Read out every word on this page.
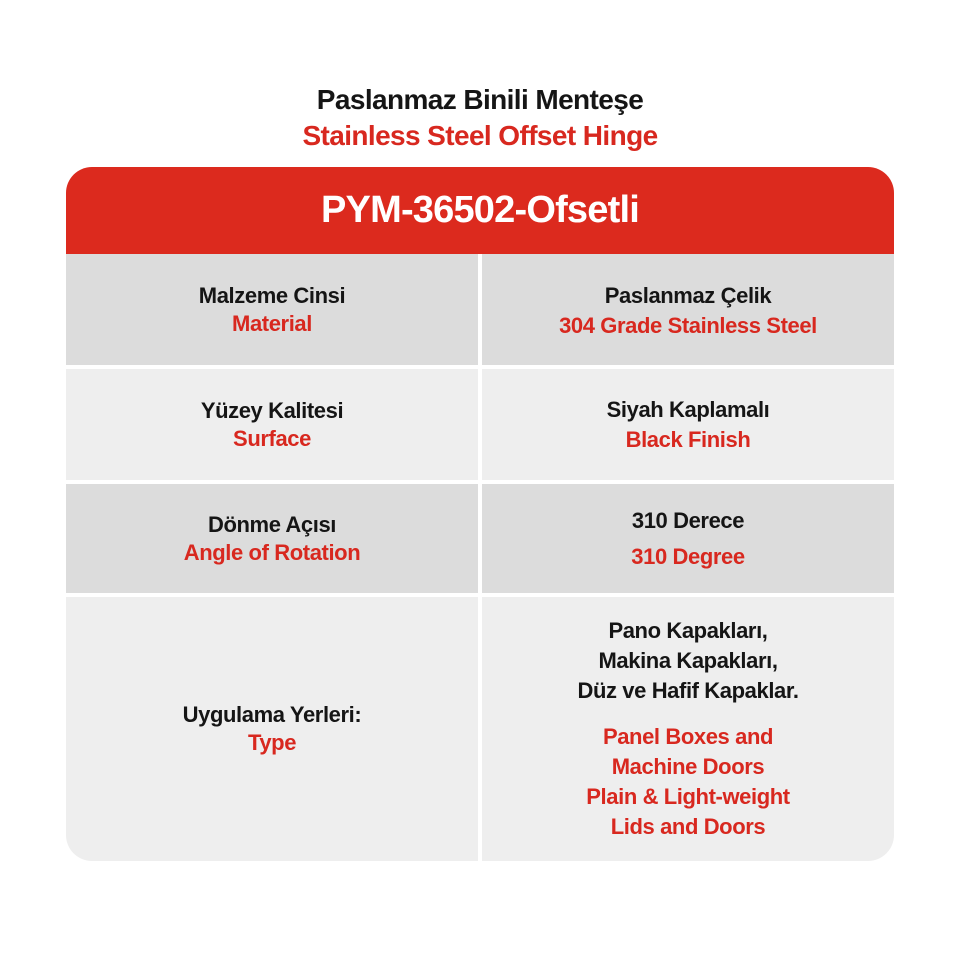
Paslanmaz Binili Menteşe
Stainless Steel Offset Hinge
PYM-36502-Ofsetli
Malzeme Cinsi
Material
Paslanmaz Çelik
304 Grade Stainless Steel
Yüzey Kalitesi
Surface
Siyah Kaplamalı
Black Finish
Dönme Açısı
Angle of Rotation
310 Derece
310 Degree
Uygulama Yerleri:
Type
Pano Kapakları,
Makina Kapakları,
Düz ve Hafif Kapaklar.
Panel Boxes and
Machine Doors
Plain & Light-weight
Lids and Doors
